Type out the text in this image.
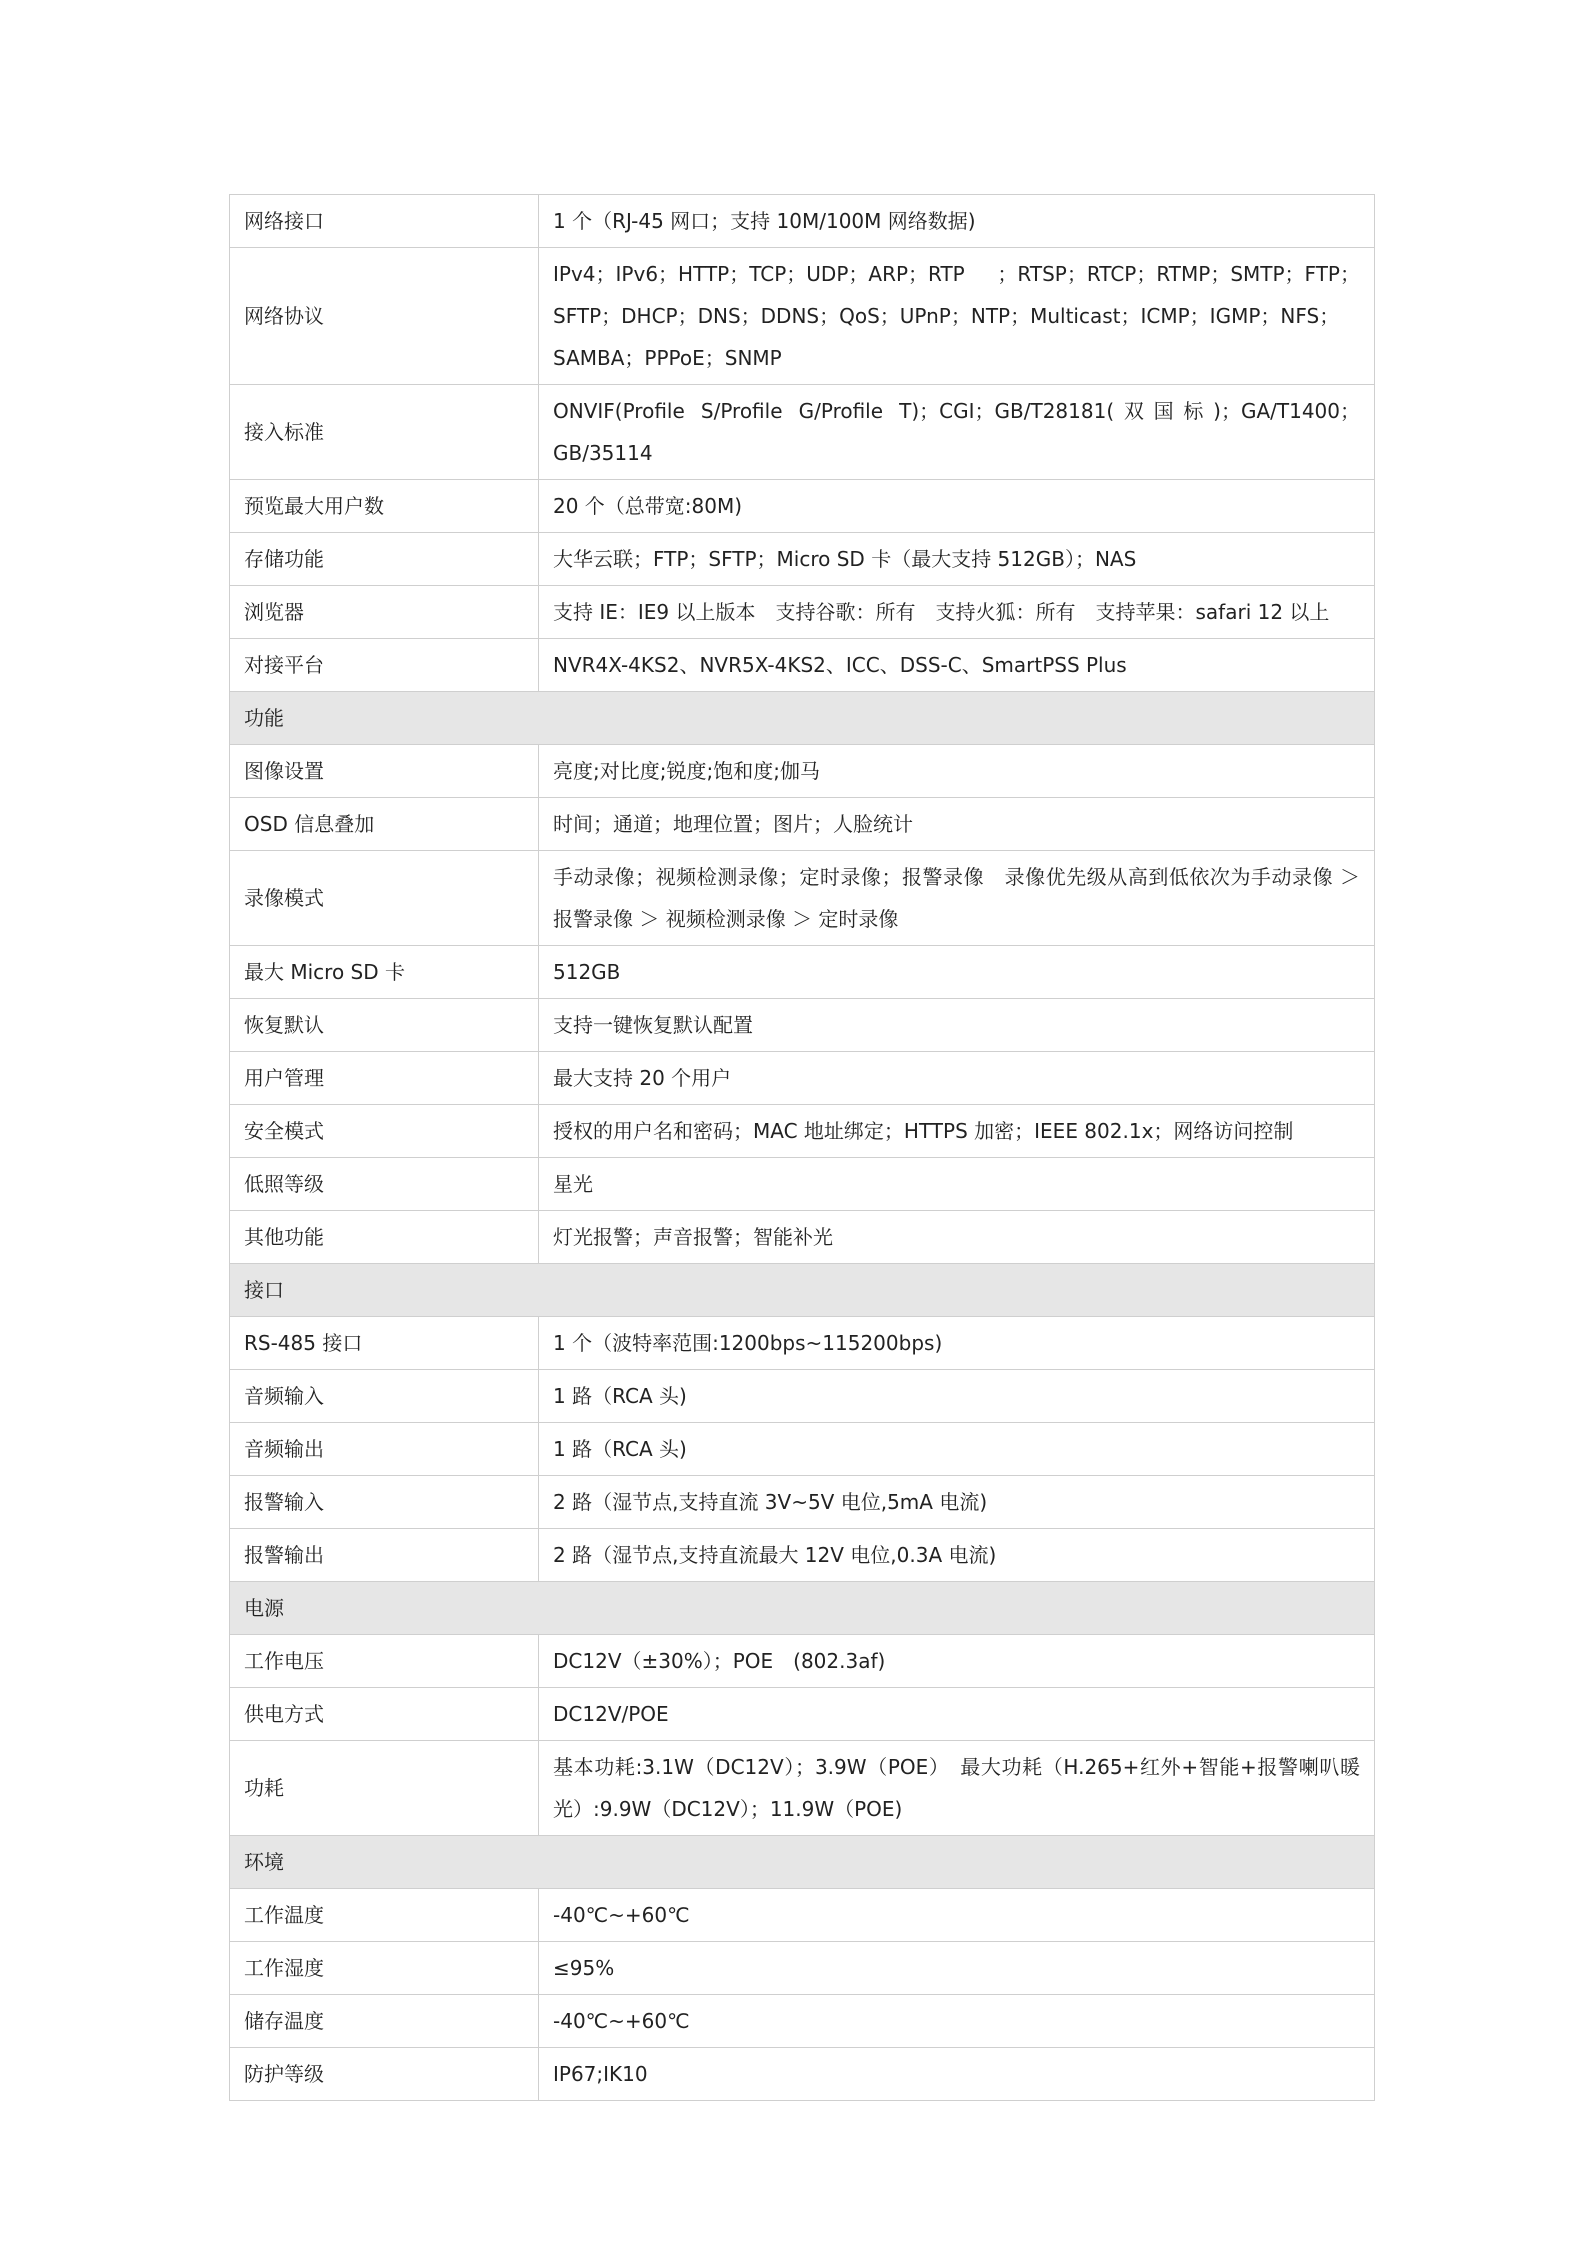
网络接口	1 个（RJ-45 网口；支持 10M/100M 网络数据)
网络协议	IPv4；IPv6；HTTP；TCP；UDP；ARP；RTP ；RTSP；RTCP；RTMP；SMTP；FTP；SFTP；DHCP；DNS；DDNS；QoS；UPnP；NTP；Multicast；ICMP；IGMP；NFS；SAMBA；PPPoE；SNMP
接入标准	ONVIF(Profile S/Profile G/Profile T)；CGI；GB/T28181(双国标)；GA/T1400；GB/35114
预览最大用户数	20 个（总带宽:80M)
存储功能	大华云联；FTP；SFTP；Micro SD 卡（最大支持 512GB）；NAS
浏览器	支持 IE：IE9 以上版本　支持谷歌：所有　支持火狐：所有　支持苹果：safari 12 以上
对接平台	NVR4X-4KS2、NVR5X-4KS2、ICC、DSS-C、SmartPSS Plus
功能	
图像设置	亮度;对比度;锐度;饱和度;伽马
OSD 信息叠加	时间；通道；地理位置；图片；人脸统计
录像模式	手动录像；视频检测录像；定时录像；报警录像　录像优先级从高到低依次为手动录像 ＞ 报警录像 ＞ 视频检测录像 ＞ 定时录像
最大 Micro SD 卡	512GB
恢复默认	支持一键恢复默认配置
用户管理	最大支持 20 个用户
安全模式	授权的用户名和密码；MAC 地址绑定；HTTPS 加密；IEEE 802.1x；网络访问控制
低照等级	星光
其他功能	灯光报警；声音报警；智能补光
接口	
RS-485 接口	1 个（波特率范围:1200bps~115200bps)
音频输入	1 路（RCA 头)
音频输出	1 路（RCA 头)
报警输入	2 路（湿节点,支持直流 3V~5V 电位,5mA 电流)
报警输出	2 路（湿节点,支持直流最大 12V 电位,0.3A 电流)
电源	
工作电压	DC12V（±30%）；POE　(802.3af)
供电方式	DC12V/POE
功耗	基本功耗:3.1W（DC12V）；3.9W（POE）　最大功耗（H.265+红外+智能+报警喇叭暖光）:9.9W（DC12V）；11.9W（POE)
环境	
工作温度	-40℃~+60℃
工作湿度	≤95%
储存温度	-40℃~+60℃
防护等级	IP67;IK10
